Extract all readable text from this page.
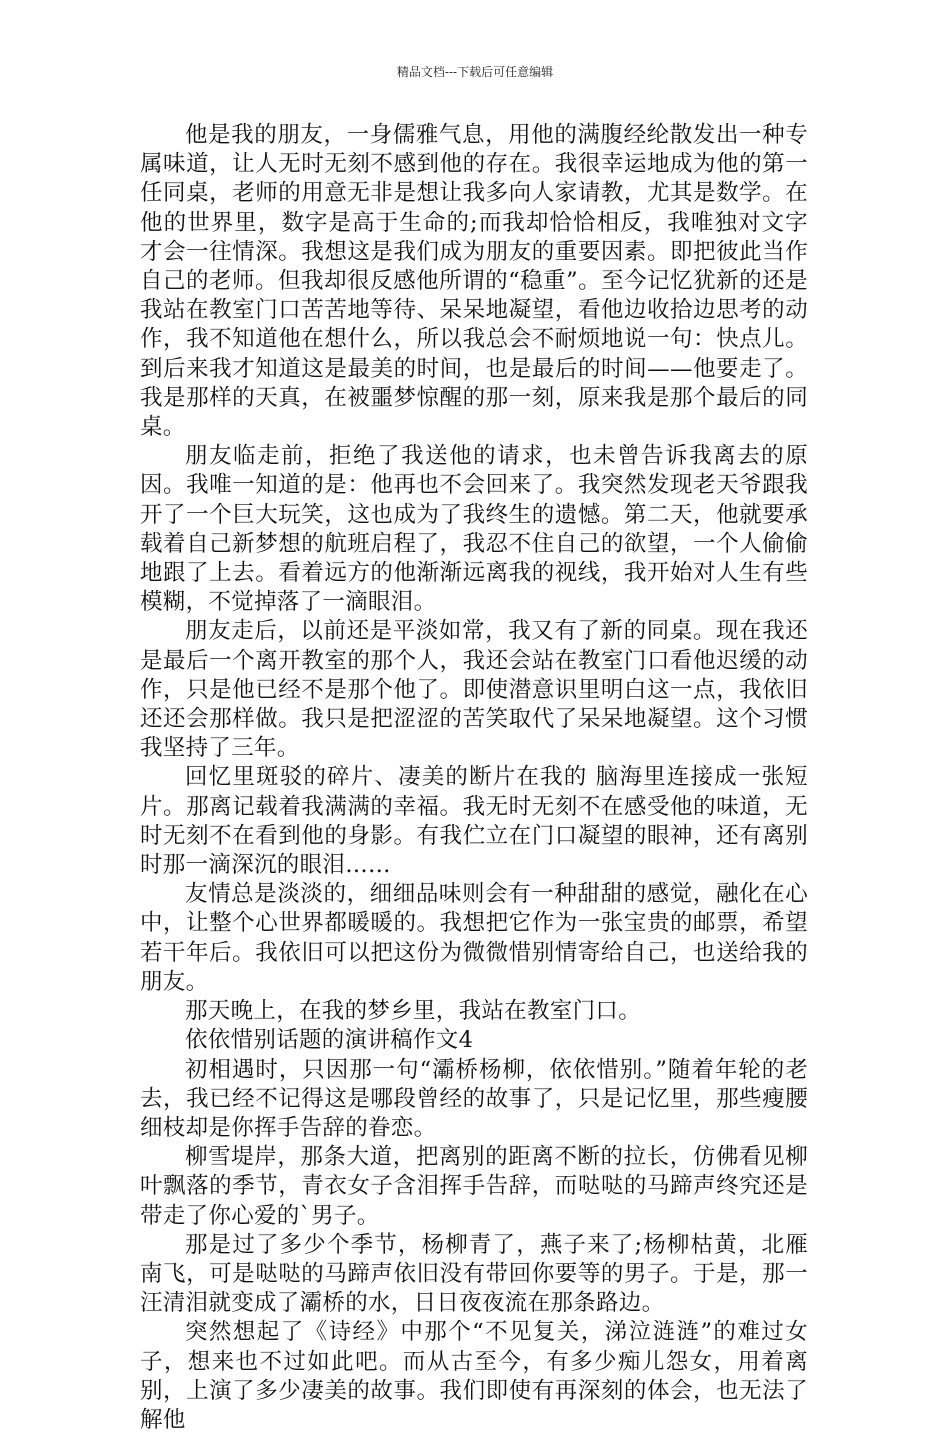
精品文档---下载后可任意编辑

他是我的朋友，一身儒雅气息，用他的满腹经纶散发出一种专属味道，让人无时无刻不感到他的存在。我很幸运地成为他的第一任同桌，老师的用意无非是想让我多向人家请教，尤其是数学。在他的世界里，数字是高于生命的;而我却恰恰相反，我唯独对文字才会一往情深。我想这是我们成为朋友的重要因素。即把彼此当作自己的老师。但我却很反感他所谓的“稳重”。至今记忆犹新的还是我站在教室门口苦苦地等待、呆呆地凝望，看他边收拾边思考的动作，我不知道他在想什么，所以我总会不耐烦地说一句：快点儿。到后来我才知道这是最美的时间，也是最后的时间——他要走了。我是那样的天真，在被噩梦惊醒的那一刻，原来我是那个最后的同桌。

朋友临走前，拒绝了我送他的请求，也未曾告诉我离去的原因。我唯一知道的是：他再也不会回来了。我突然发现老天爷跟我开了一个巨大玩笑，这也成为了我终生的遗憾。第二天，他就要承载着自己新梦想的航班启程了，我忍不住自己的欲望，一个人偷偷地跟了上去。看着远方的他渐渐远离我的视线，我开始对人生有些模糊，不觉掉落了一滴眼泪。

朋友走后，以前还是平淡如常，我又有了新的同桌。现在我还是最后一个离开教室的那个人，我还会站在教室门口看他迟缓的动作，只是他已经不是那个他了。即使潜意识里明白这一点，我依旧还还会那样做。我只是把涩涩的苦笑取代了呆呆地凝望。这个习惯我坚持了三年。

回忆里斑驳的碎片、凄美的断片在我的 脑海里连接成一张短片。那离记载着我满满的幸福。我无时无刻不在感受他的味道，无时无刻不在看到他的身影。有我伫立在门口凝望的眼神，还有离别时那一滴深沉的眼泪……

友情总是淡淡的，细细品味则会有一种甜甜的感觉，融化在心中，让整个心世界都暖暖的。我想把它作为一张宝贵的邮票，希望若干年后。我依旧可以把这份为微微惜别情寄给自己，也送给我的朋友。

那天晚上，在我的梦乡里，我站在教室门口。

依依惜别话题的演讲稿作文4

初相遇时，只因那一句“灞桥杨柳，依依惜别。”随着年轮的老去，我已经不记得这是哪段曾经的故事了，只是记忆里，那些瘦腰细枝却是你挥手告辞的眷恋。

柳雪堤岸，那条大道，把离别的距离不断的拉长，仿佛看见柳叶飘落的季节，青衣女子含泪挥手告辞，而哒哒的马蹄声终究还是带走了你心爱的`男子。

那是过了多少个季节，杨柳青了，燕子来了;杨柳枯黄，北雁南飞，可是哒哒的马蹄声依旧没有带回你要等的男子。于是，那一汪清泪就变成了灞桥的水，日日夜夜流在那条路边。

突然想起了《诗经》中那个“不见复关，涕泣涟涟”的难过女子，想来也不过如此吧。而从古至今，有多少痴儿怨女，用着离别，上演了多少凄美的故事。我们即使有再深刻的体会，也无法了解他
